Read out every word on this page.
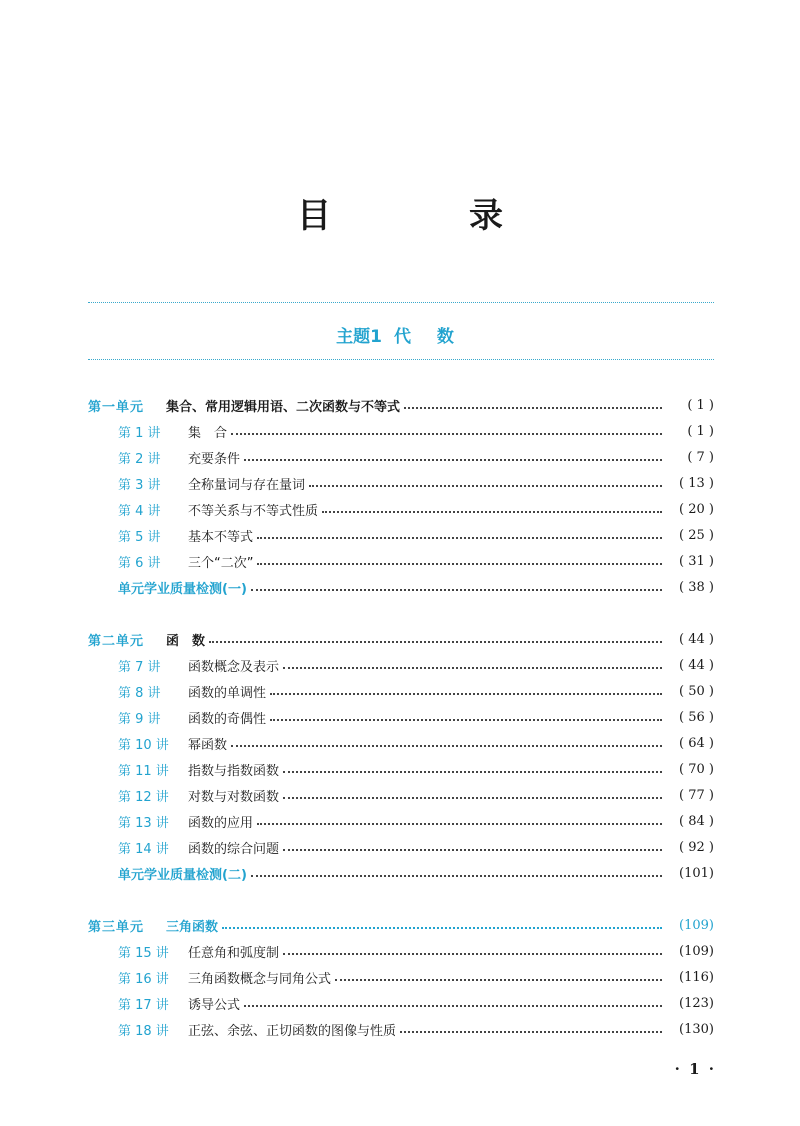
目　录
主题1 代 数
第一单元	集合、常用逻辑用语、二次函数与不等式	( 1 )
第 1 讲	集　合	( 1 )
第 2 讲	充要条件	( 7 )
第 3 讲	全称量词与存在量词	( 13 )
第 4 讲	不等关系与不等式性质	( 20 )
第 5 讲	基本不等式	( 25 )
第 6 讲	三个“二次”	( 31 )
单元学业质量检测(一)	( 38 )
第二单元	函　数	( 44 )
第 7 讲	函数概念及表示	( 44 )
第 8 讲	函数的单调性	( 50 )
第 9 讲	函数的奇偶性	( 56 )
第 10 讲	幂函数	( 64 )
第 11 讲	指数与指数函数	( 70 )
第 12 讲	对数与对数函数	( 77 )
第 13 讲	函数的应用	( 84 )
第 14 讲	函数的综合问题	( 92 )
单元学业质量检测(二)	(101)
第三单元	三角函数	(109)
第 15 讲	任意角和弧度制	(109)
第 16 讲	三角函数概念与同角公式	(116)
第 17 讲	诱导公式	(123)
第 18 讲	正弦、余弦、正切函数的图像与性质	(130)
· 1 ·
